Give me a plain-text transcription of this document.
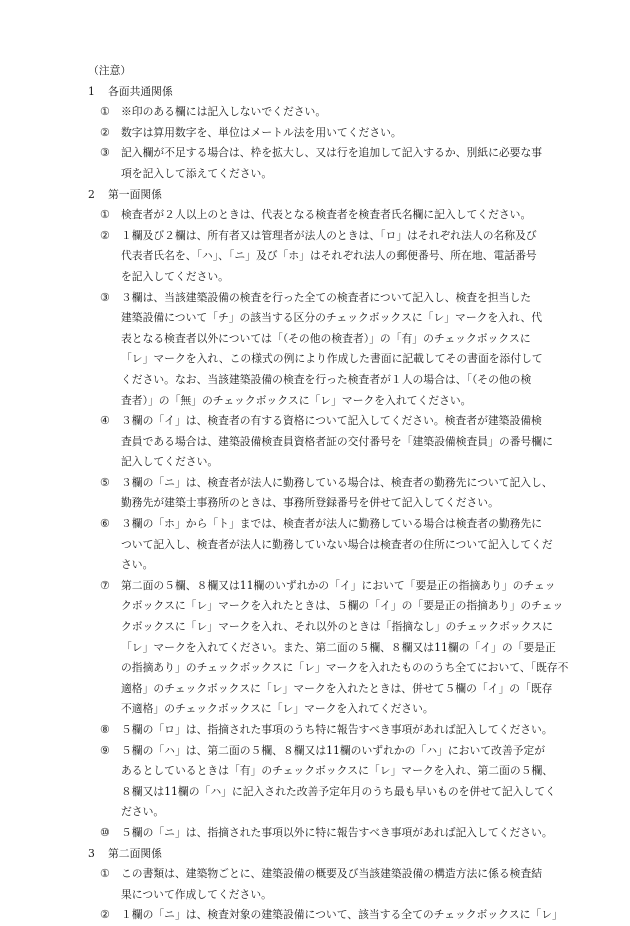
（注意）
1 各面共通関係
① ※印のある欄には記入しないでください。
② 数字は算用数字を、単位はメートル法を用いてください。
③ 記入欄が不足する場合は、枠を拡大し、又は行を追加して記入するか、別紙に必要な事
項を記入して添えてください。
2 第一面関係
① 検査者が２人以上のときは、代表となる検査者を検査者氏名欄に記入してください。
② １欄及び２欄は、所有者又は管理者が法人のときは、「ロ」はそれぞれ法人の名称及び
代表者氏名を、「ハ」、「ニ」及び「ホ」はそれぞれ法人の郵便番号、所在地、電話番号
を記入してください。
③ ３欄は、当該建築設備の検査を行った全ての検査者について記入し、検査を担当した
建築設備について「チ」の該当する区分のチェックボックスに「レ」マークを入れ、代
表となる検査者以外については「（その他の検査者）」の「有」のチェックボックスに
「レ」マークを入れ、この様式の例により作成した書面に記載してその書面を添付して
ください。なお、当該建築設備の検査を行った検査者が１人の場合は、「（その他の検
査者）」の「無」のチェックボックスに「レ」マークを入れてください。
④ ３欄の「イ」は、検査者の有する資格について記入してください。検査者が建築設備検
査員である場合は、建築設備検査員資格者証の交付番号を「建築設備検査員」の番号欄に
記入してください。
⑤ ３欄の「ニ」は、検査者が法人に勤務している場合は、検査者の勤務先について記入し、
勤務先が建築士事務所のときは、事務所登録番号を併せて記入してください。
⑥ ３欄の「ホ」から「ト」までは、検査者が法人に勤務している場合は検査者の勤務先に
ついて記入し、検査者が法人に勤務していない場合は検査者の住所について記入してくだ
さい。
⑦ 第二面の５欄、８欄又は11欄のいずれかの「イ」において「要是正の指摘あり」のチェッ
クボックスに「レ」マークを入れたときは、５欄の「イ」の「要是正の指摘あり」のチェッ
クボックスに「レ」マークを入れ、それ以外のときは「指摘なし」のチェックボックスに
「レ」マークを入れてください。また、第二面の５欄、８欄又は11欄の「イ」の「要是正
の指摘あり」のチェックボックスに「レ」マークを入れたもののうち全てにおいて、「既存不
適格」のチェックボックスに「レ」マークを入れたときは、併せて５欄の「イ」の「既存
不適格」のチェックボックスに「レ」マークを入れてください。
⑧ ５欄の「ロ」は、指摘された事項のうち特に報告すべき事項があれば記入してください。
⑨ ５欄の「ハ」は、第二面の５欄、８欄又は11欄のいずれかの「ハ」において改善予定が
あるとしているときは「有」のチェックボックスに「レ」マークを入れ、第二面の５欄、
８欄又は11欄の「ハ」に記入された改善予定年月のうち最も早いものを併せて記入してく
ださい。
⑩ ５欄の「ニ」は、指摘された事項以外に特に報告すべき事項があれば記入してください。
3 第二面関係
① この書類は、建築物ごとに、建築設備の概要及び当該建築設備の構造方法に係る検査結
果について作成してください。
② １欄の「ニ」は、検査対象の建築設備について、該当する全てのチェックボックスに「レ」
